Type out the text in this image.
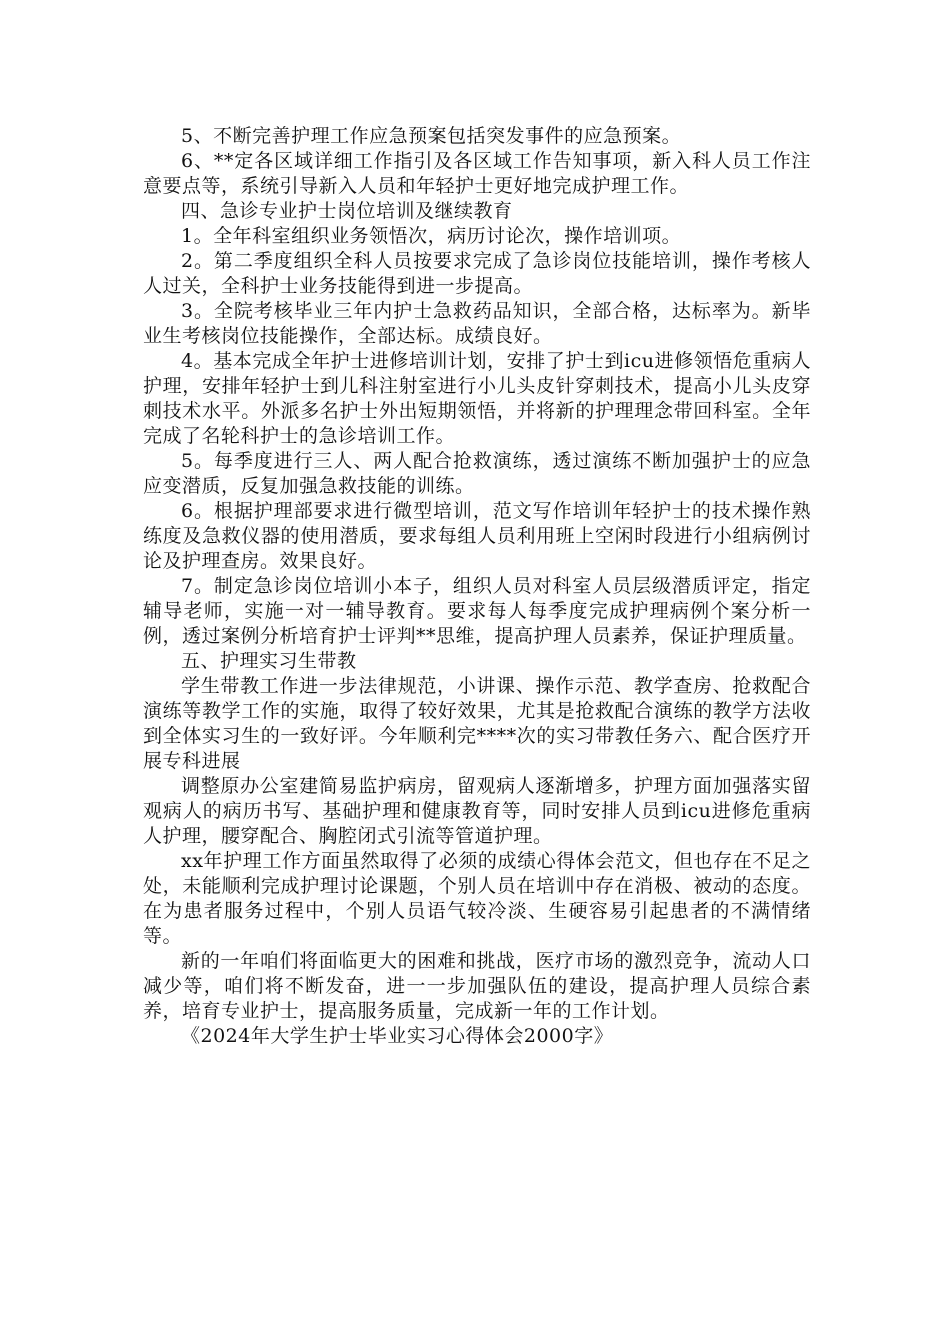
5、不断完善护理工作应急预案包括突发事件的应急预案。

6、**定各区域详细工作指引及各区域工作告知事项，新入科人员工作注意要点等，系统引导新入人员和年轻护士更好地完成护理工作。

四、急诊专业护士岗位培训及继续教育

1。全年科室组织业务领悟次，病历讨论次，操作培训项。

2。第二季度组织全科人员按要求完成了急诊岗位技能培训，操作考核人人过关，全科护士业务技能得到进一步提高。

3。全院考核毕业三年内护士急救药品知识，全部合格，达标率为。新毕业生考核岗位技能操作，全部达标。成绩良好。

4。基本完成全年护士进修培训计划，安排了护士到icu进修领悟危重病人护理，安排年轻护士到儿科注射室进行小儿头皮针穿刺技术，提高小儿头皮穿刺技术水平。外派多名护士外出短期领悟，并将新的护理理念带回科室。全年完成了名轮科护士的急诊培训工作。

5。每季度进行三人、两人配合抢救演练，透过演练不断加强护士的应急应变潜质，反复加强急救技能的训练。

6。根据护理部要求进行微型培训，范文写作培训年轻护士的技术操作熟练度及急救仪器的使用潜质，要求每组人员利用班上空闲时段进行小组病例讨论及护理查房。效果良好。

7。制定急诊岗位培训小本子，组织人员对科室人员层级潜质评定，指定辅导老师，实施一对一辅导教育。要求每人每季度完成护理病例个案分析一例，透过案例分析培育护士评判**思维，提高护理人员素养，保证护理质量。

五、护理实习生带教

学生带教工作进一步法律规范，小讲课、操作示范、教学查房、抢救配合演练等教学工作的实施，取得了较好效果，尤其是抢救配合演练的教学方法收到全体实习生的一致好评。今年顺利完****次的实习带教任务六、配合医疗开展专科进展

调整原办公室建简易监护病房，留观病人逐渐增多，护理方面加强落实留观病人的病历书写、基础护理和健康教育等，同时安排人员到icu进修危重病人护理，腰穿配合、胸腔闭式引流等管道护理。

xx年护理工作方面虽然取得了必须的成绩心得体会范文，但也存在不足之处，未能顺利完成护理讨论课题，个别人员在培训中存在消极、被动的态度。在为患者服务过程中，个别人员语气较冷淡、生硬容易引起患者的不满情绪等。

新的一年咱们将面临更大的困难和挑战，医疗市场的激烈竞争，流动人口减少等，咱们将不断发奋，进一一步加强队伍的建设，提高护理人员综合素养，培育专业护士，提高服务质量，完成新一年的工作计划。

《2024年大学生护士毕业实习心得体会2000字》
